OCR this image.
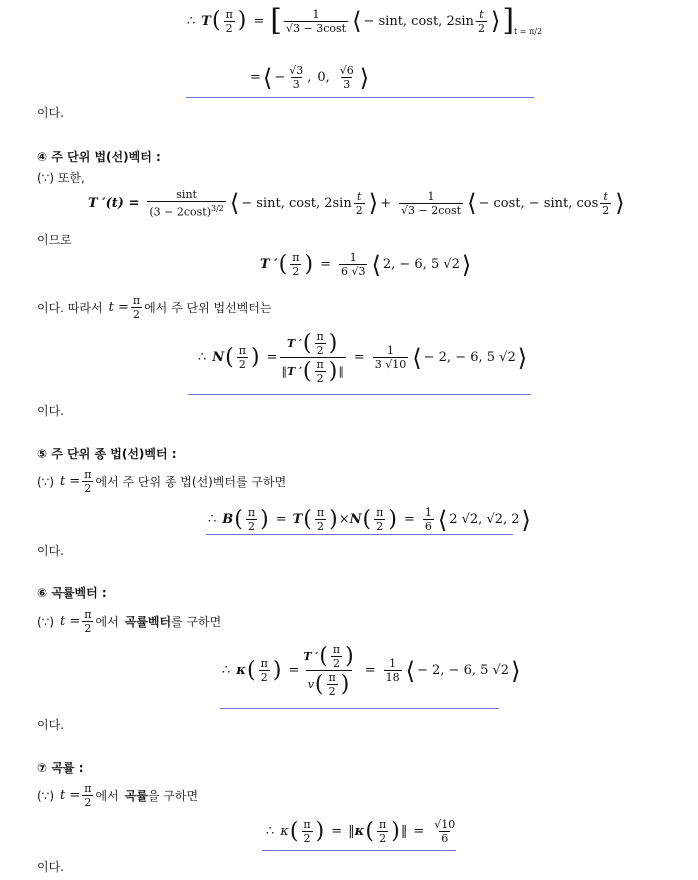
∴ T ( $\frac{\pi}{2}$ ) = [ $\frac{1}{√3 - 3\cos t}$ ⟨ − sint, cost, $2\sin \frac{t}{2}$ ⟩ ] t = π/2
= ⟨ − $\frac{√3}{3}$ , 0, $\frac{√6}{3}$ ⟩
이다.
④ 주 단위 법(선)벡터 :
(∵) 또한,
T $'(t) = \frac{\sin t}{(3 - 2\cos t)^{3/2}}$ ⟨ − sint, cost, $2\sin \frac{t}{2}$ ⟩ + $\frac{1}{√3 - 2\cos t}$ ⟨ − cost, − sint, $\cos \frac{t}{2}$ ⟩
이므로
T ′ ( $\frac{\pi}{2}$ ) = $\frac{1}{6 √3}$ ⟨ 2, − 6, 5 √2 ⟩
이다. 따라서 $t = \frac{\pi}{2}$ 에서 주 단위 법선벡터는
∴ N ( $\frac{\pi}{2}$ ) = $\frac{T ' ( \frac{\pi}{2} )}{‖ T ' ( \frac{\pi}{2} ) ‖} = \frac{1}{3 √10}$ ⟨ − 2, − 6, 5 √2 ⟩
이다.
⑤ 주 단위 종 법(선)벡터 :
(∵) $t = \frac{\pi}{2}$ 에서 주 단위 종 법(선)벡터를 구하면
∴ B ( $\frac{\pi}{2}$ ) = T ( $\frac{\pi}{2}$ ) × N ( $\frac{\pi}{2}$ ) = $\frac{1}{6}$ ⟨ 2 √2, √2, 2 ⟩
이다.
⑥ 곡률벡터 :
(∵) $t = \frac{\pi}{2}$ 에서 곡률벡터 를 구하면
∴ κ ( $\frac{\pi}{2}$ ) = $\frac{T ' ( \frac{\pi}{2} )}{v ( \frac{\pi}{2} )} = \frac{1}{18}$ ⟨ − 2, − 6, 5 √2 ⟩
이다.
⑦ 곡률 :
(∵) $t = \frac{\pi}{2}$ 에서 곡률 을 구하면
∴ κ ( $\frac{\pi}{2}$ ) = ‖ κ ( $\frac{\pi}{2}$ ) ‖ = $\frac{√10}{6}$
이다.
